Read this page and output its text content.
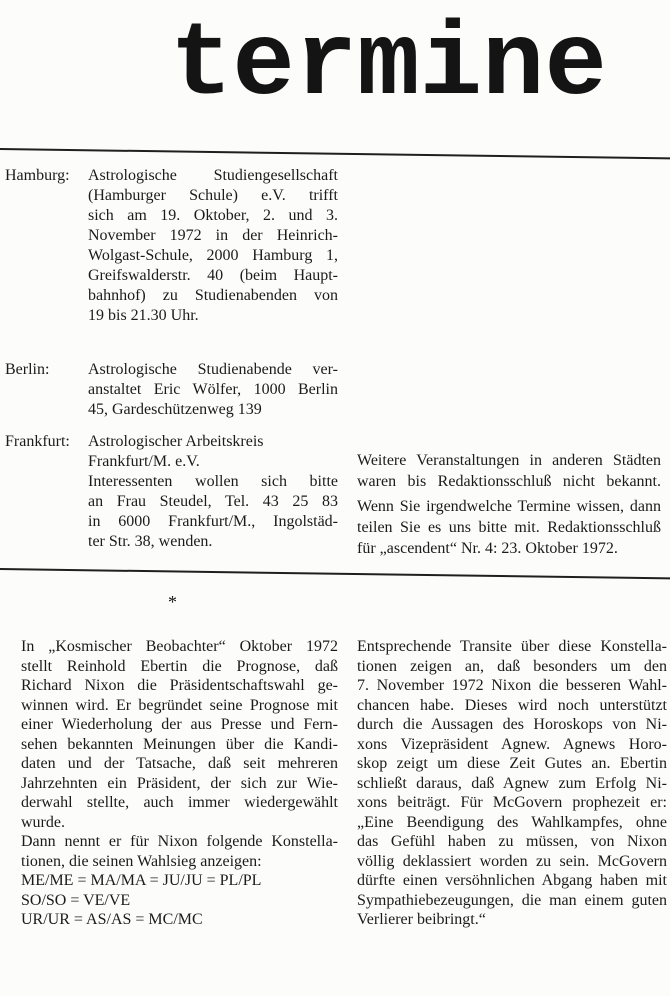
termine
Hamburg:	Astrologische Studiengesellschaft
(Hamburger Schule) e.V. trifft
sich am 19. Oktober, 2. und 3.
November 1972 in der Heinrich-
Wolgast-Schule, 2000 Hamburg 1,
Greifswalderstr. 40 (beim Haupt-
bahnhof) zu Studienabenden von
19 bis 21.30 Uhr.
Berlin:	Astrologische Studienabende ver-
anstaltet Eric Wölfer, 1000 Berlin
45, Gardeschützenweg 139
Frankfurt:	Astrologischer Arbeitskreis
Frankfurt/M. e.V.
Interessenten wollen sich bitte
an Frau Steudel, Tel. 43 25 83
in 6000 Frankfurt/M., Ingolstäd-
ter Str. 38, wenden.
Weitere Veranstaltungen in anderen Städten
waren bis Redaktionsschluß nicht bekannt.
Wenn Sie irgendwelche Termine wissen, dann
teilen Sie es uns bitte mit. Redaktionsschluß
für „ascendent“ Nr. 4: 23. Oktober 1972.
*
In „Kosmischer Beobachter“ Oktober 1972
stellt Reinhold Ebertin die Prognose, daß
Richard Nixon die Präsidentschaftswahl ge-
winnen wird. Er begründet seine Prognose mit
einer Wiederholung der aus Presse und Fern-
sehen bekannten Meinungen über die Kandi-
daten und der Tatsache, daß seit mehreren
Jahrzehnten ein Präsident, der sich zur Wie-
derwahl stellte, auch immer wiedergewählt
wurde.
Dann nennt er für Nixon folgende Konstella-
tionen, die seinen Wahlsieg anzeigen:
ME/ME = MA/MA = JU/JU = PL/PL
SO/SO = VE/VE
UR/UR = AS/AS = MC/MC
Entsprechende Transite über diese Konstella-
tionen zeigen an, daß besonders um den
7. November 1972 Nixon die besseren Wahl-
chancen habe. Dieses wird noch unterstützt
durch die Aussagen des Horoskops von Ni-
xons Vizepräsident Agnew. Agnews Horo-
skop zeigt um diese Zeit Gutes an. Ebertin
schließt daraus, daß Agnew zum Erfolg Ni-
xons beiträgt. Für McGovern prophezeit er:
„Eine Beendigung des Wahlkampfes, ohne
das Gefühl haben zu müssen, von Nixon
völlig deklassiert worden zu sein. McGovern
dürfte einen versöhnlichen Abgang haben mit
Sympathiebezeugungen, die man einem guten
Verlierer beibringt.“
